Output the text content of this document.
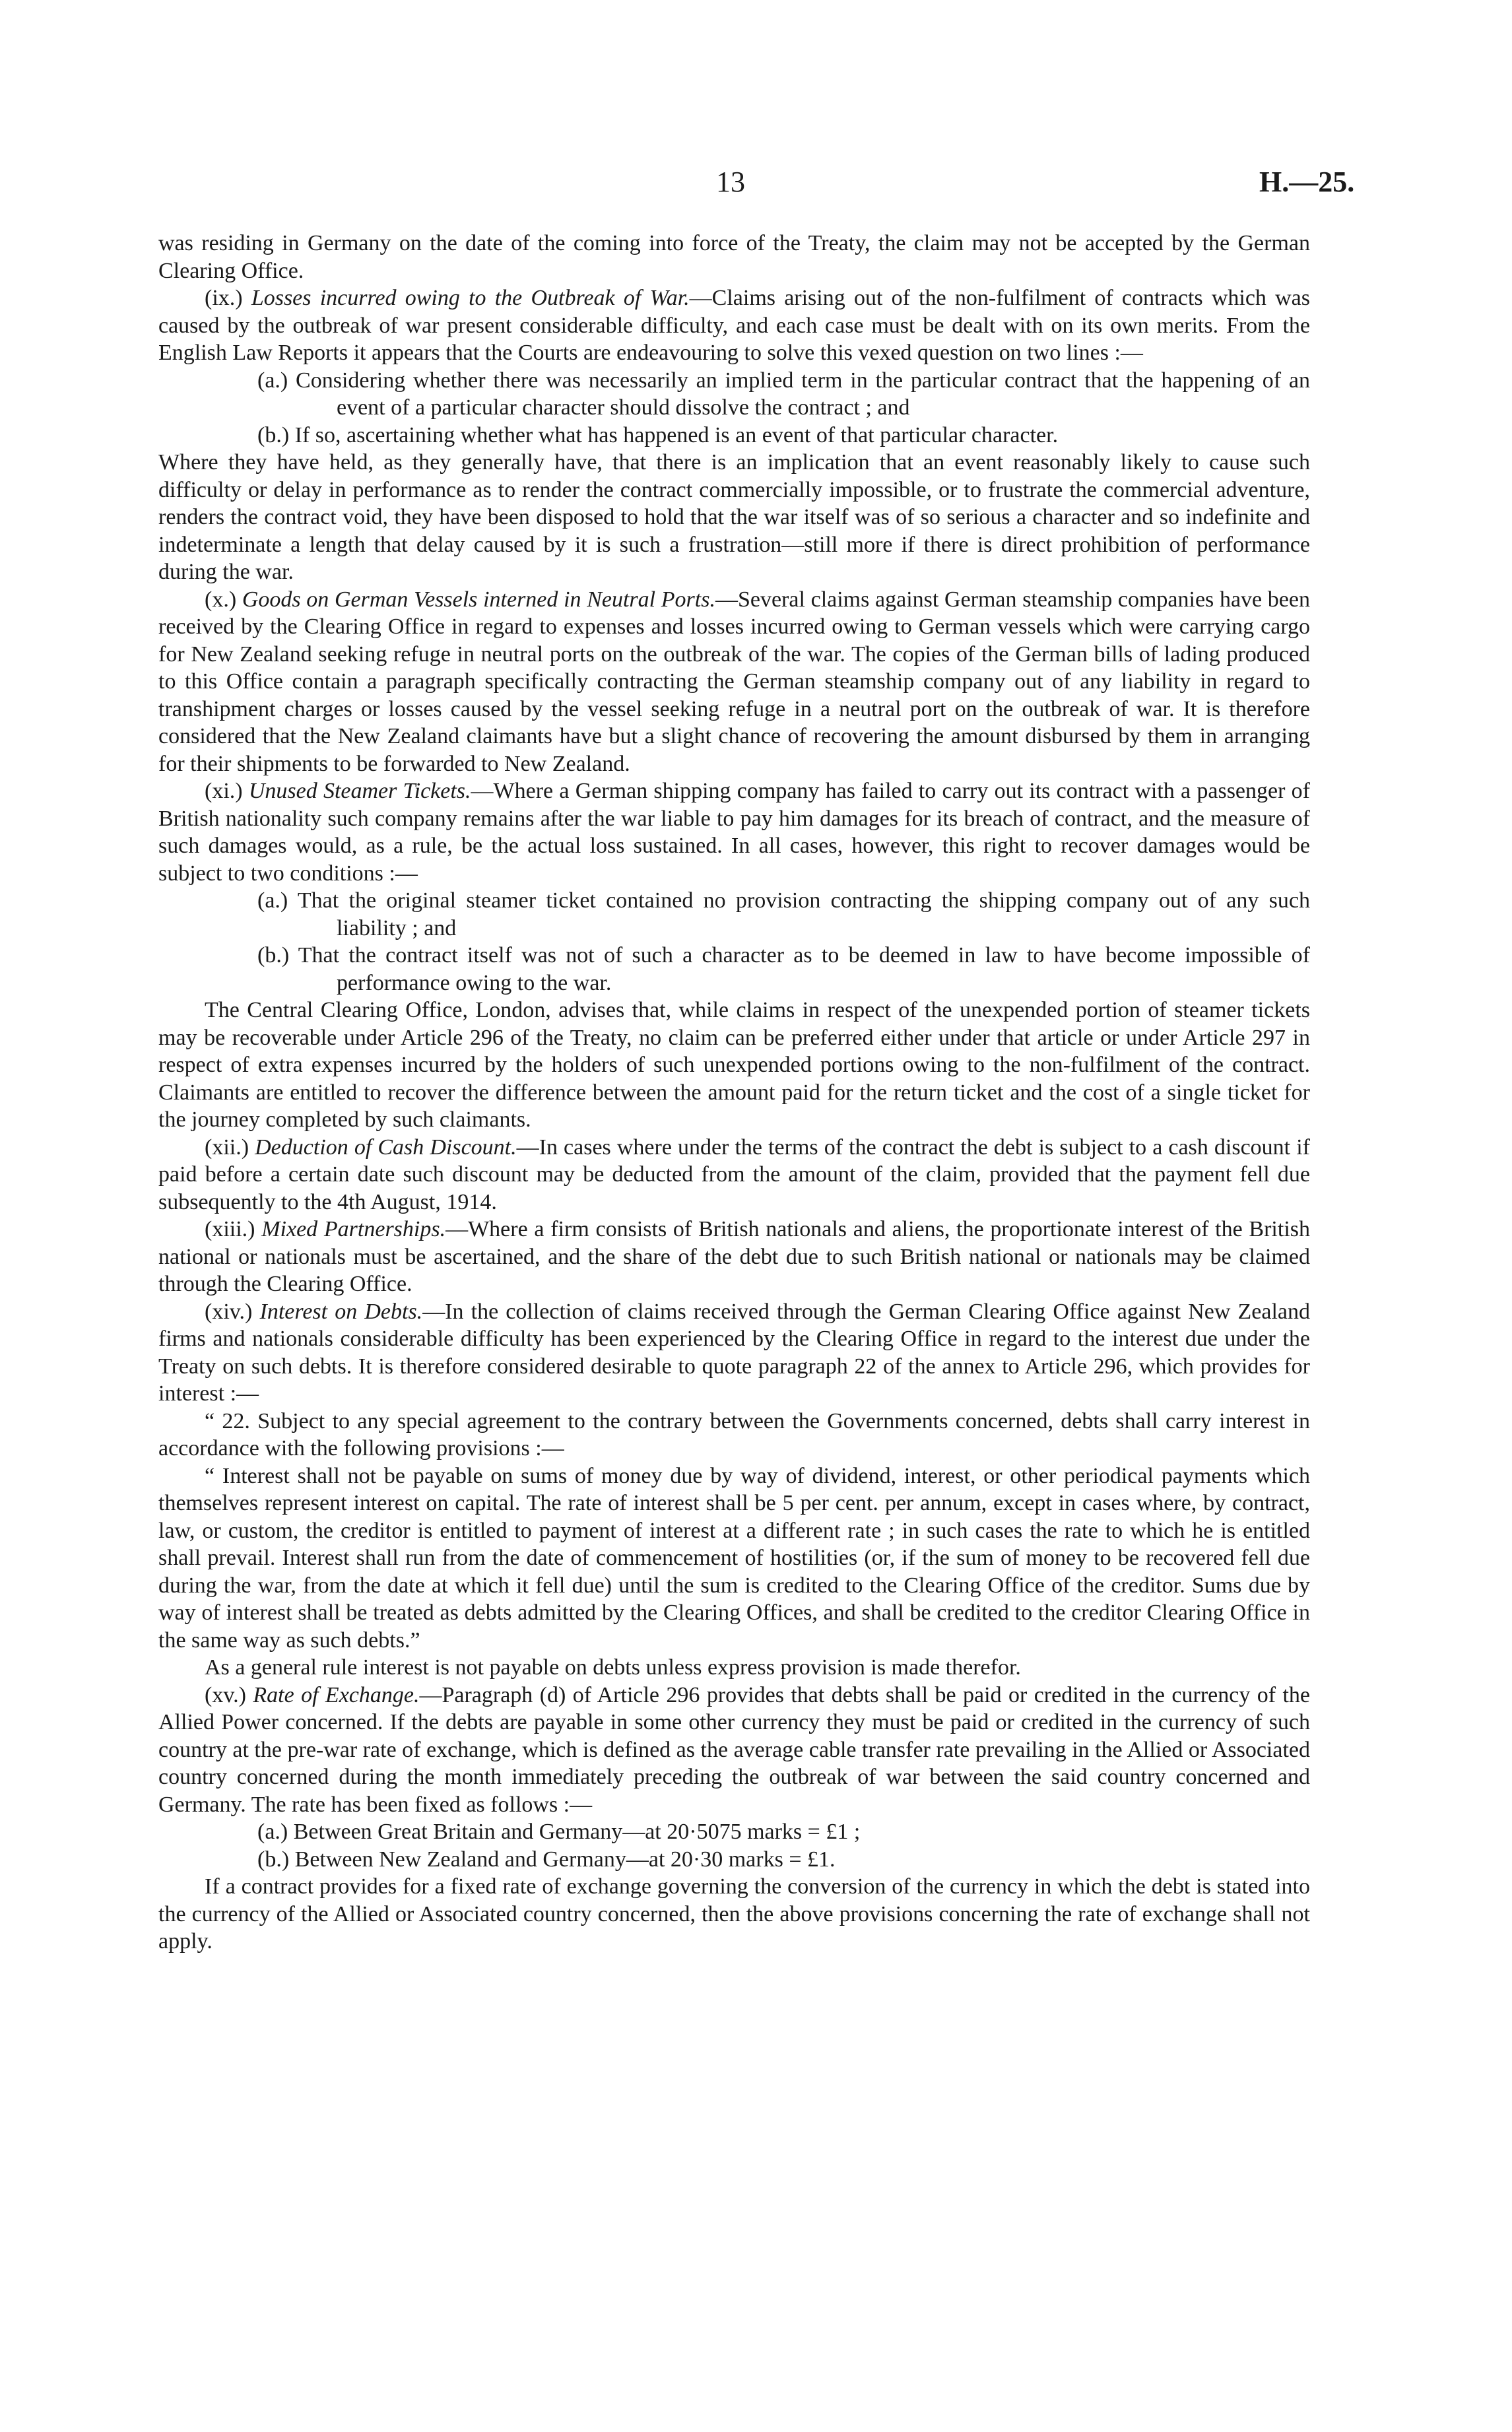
13	H.—25.

was residing in Germany on the date of the coming into force of the Treaty, the claim may not be accepted by the German Clearing Office.

(ix.) Losses incurred owing to the Outbreak of War.—Claims arising out of the non-fulfilment of contracts which was caused by the outbreak of war present considerable difficulty, and each case must be dealt with on its own merits. From the English Law Reports it appears that the Courts are endeavouring to solve this vexed question on two lines :—

(a.) Considering whether there was necessarily an implied term in the particular contract that the happening of an event of a particular character should dissolve the contract ; and

(b.) If so, ascertaining whether what has happened is an event of that particular character.

Where they have held, as they generally have, that there is an implication that an event reasonably likely to cause such difficulty or delay in performance as to render the contract commercially impossible, or to frustrate the commercial adventure, renders the contract void, they have been disposed to hold that the war itself was of so serious a character and so indefinite and indeterminate a length that delay caused by it is such a frustration—still more if there is direct prohibition of performance during the war.

(x.) Goods on German Vessels interned in Neutral Ports.—Several claims against German steamship companies have been received by the Clearing Office in regard to expenses and losses incurred owing to German vessels which were carrying cargo for New Zealand seeking refuge in neutral ports on the outbreak of the war. The copies of the German bills of lading produced to this Office contain a paragraph specifically contracting the German steamship company out of any liability in regard to transhipment charges or losses caused by the vessel seeking refuge in a neutral port on the outbreak of war. It is therefore considered that the New Zealand claimants have but a slight chance of recovering the amount disbursed by them in arranging for their shipments to be forwarded to New Zealand.

(xi.) Unused Steamer Tickets.—Where a German shipping company has failed to carry out its contract with a passenger of British nationality such company remains after the war liable to pay him damages for its breach of contract, and the measure of such damages would, as a rule, be the actual loss sustained. In all cases, however, this right to recover damages would be subject to two conditions :—

(a.) That the original steamer ticket contained no provision contracting the shipping company out of any such liability ; and

(b.) That the contract itself was not of such a character as to be deemed in law to have become impossible of performance owing to the war.

The Central Clearing Office, London, advises that, while claims in respect of the unexpended portion of steamer tickets may be recoverable under Article 296 of the Treaty, no claim can be preferred either under that article or under Article 297 in respect of extra expenses incurred by the holders of such unexpended portions owing to the non-fulfilment of the contract. Claimants are entitled to recover the difference between the amount paid for the return ticket and the cost of a single ticket for the journey completed by such claimants.

(xii.) Deduction of Cash Discount.—In cases where under the terms of the contract the debt is subject to a cash discount if paid before a certain date such discount may be deducted from the amount of the claim, provided that the payment fell due subsequently to the 4th August, 1914.

(xiii.) Mixed Partnerships.—Where a firm consists of British nationals and aliens, the proportionate interest of the British national or nationals must be ascertained, and the share of the debt due to such British national or nationals may be claimed through the Clearing Office.

(xiv.) Interest on Debts.—In the collection of claims received through the German Clearing Office against New Zealand firms and nationals considerable difficulty has been experienced by the Clearing Office in regard to the interest due under the Treaty on such debts. It is therefore considered desirable to quote paragraph 22 of the annex to Article 296, which provides for interest :—

“ 22. Subject to any special agreement to the contrary between the Governments concerned, debts shall carry interest in accordance with the following provisions :—

“ Interest shall not be payable on sums of money due by way of dividend, interest, or other periodical payments which themselves represent interest on capital. The rate of interest shall be 5 per cent. per annum, except in cases where, by contract, law, or custom, the creditor is entitled to payment of interest at a different rate ; in such cases the rate to which he is entitled shall prevail. Interest shall run from the date of commencement of hostilities (or, if the sum of money to be recovered fell due during the war, from the date at which it fell due) until the sum is credited to the Clearing Office of the creditor. Sums due by way of interest shall be treated as debts admitted by the Clearing Offices, and shall be credited to the creditor Clearing Office in the same way as such debts.”

As a general rule interest is not payable on debts unless express provision is made therefor.

(xv.) Rate of Exchange.—Paragraph (d) of Article 296 provides that debts shall be paid or credited in the currency of the Allied Power concerned. If the debts are payable in some other currency they must be paid or credited in the currency of such country at the pre-war rate of exchange, which is defined as the average cable transfer rate prevailing in the Allied or Associated country concerned during the month immediately preceding the outbreak of war between the said country concerned and Germany. The rate has been fixed as follows :—

(a.) Between Great Britain and Germany—at 20·5075 marks = £1 ;

(b.) Between New Zealand and Germany—at 20·30 marks = £1.

If a contract provides for a fixed rate of exchange governing the conversion of the currency in which the debt is stated into the currency of the Allied or Associated country concerned, then the above provisions concerning the rate of exchange shall not apply.
